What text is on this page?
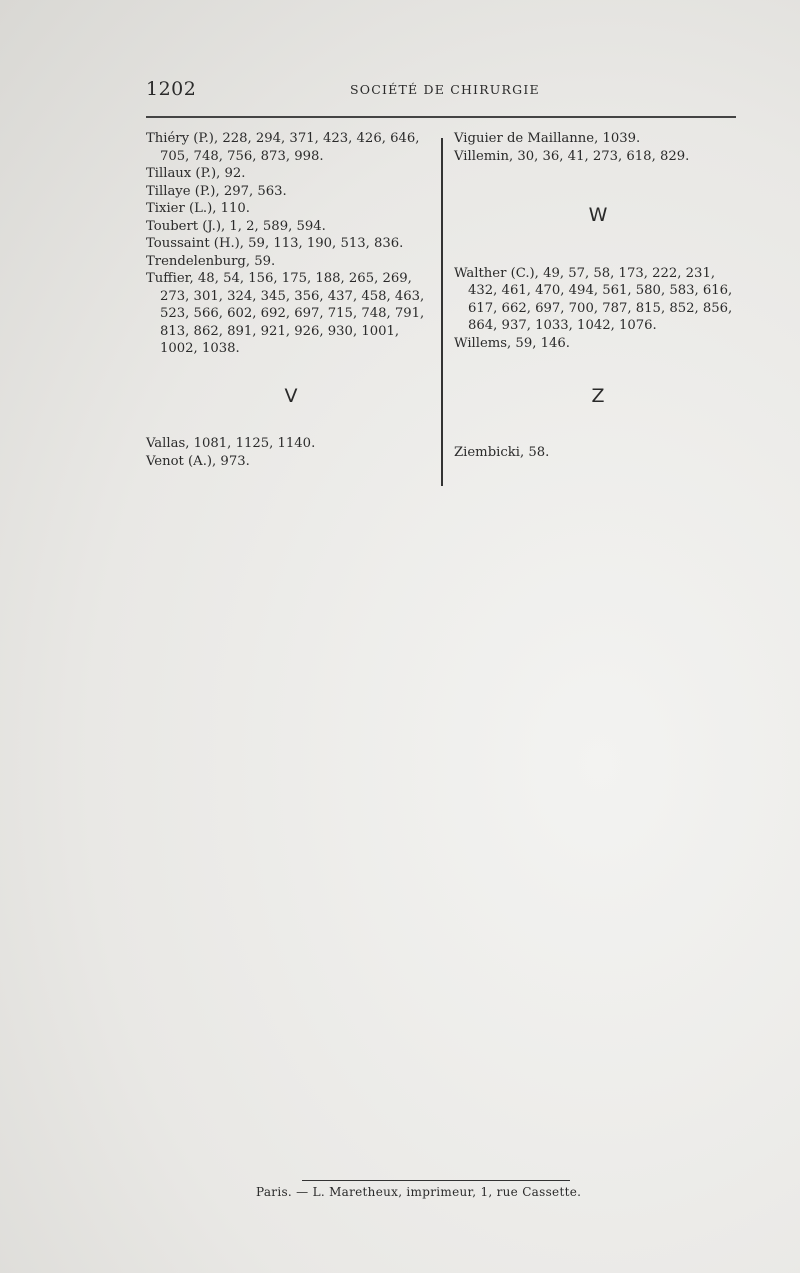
1202	SOCIÉTÉ DE CHIRURGIE

Thiéry (P.), 228, 294, 371, 423, 426, 646, 705, 748, 756, 873, 998.

Tillaux (P.), 92.

Tillaye (P.), 297, 563.

Tixier (L.), 110.

Toubert (J.), 1, 2, 589, 594.

Toussaint (H.), 59, 113, 190, 513, 836.

Trendelenburg, 59.

Tuffier, 48, 54, 156, 175, 188, 265, 269, 273, 301, 324, 345, 356, 437, 458, 463, 523, 566, 602, 692, 697, 715, 748, 791, 813, 862, 891, 921, 926, 930, 1001, 1002, 1038.

V

Vallas, 1081, 1125, 1140.

Venot (A.), 973.

Viguier de Maillanne, 1039.

Villemin, 30, 36, 41, 273, 618, 829.

W

Walther (C.), 49, 57, 58, 173, 222, 231, 432, 461, 470, 494, 561, 580, 583, 616, 617, 662, 697, 700, 787, 815, 852, 856, 864, 937, 1033, 1042, 1076.

Willems, 59, 146.

Z

Ziembicki, 58.

Paris. — L. Maretheux, imprimeur, 1, rue Cassette.
